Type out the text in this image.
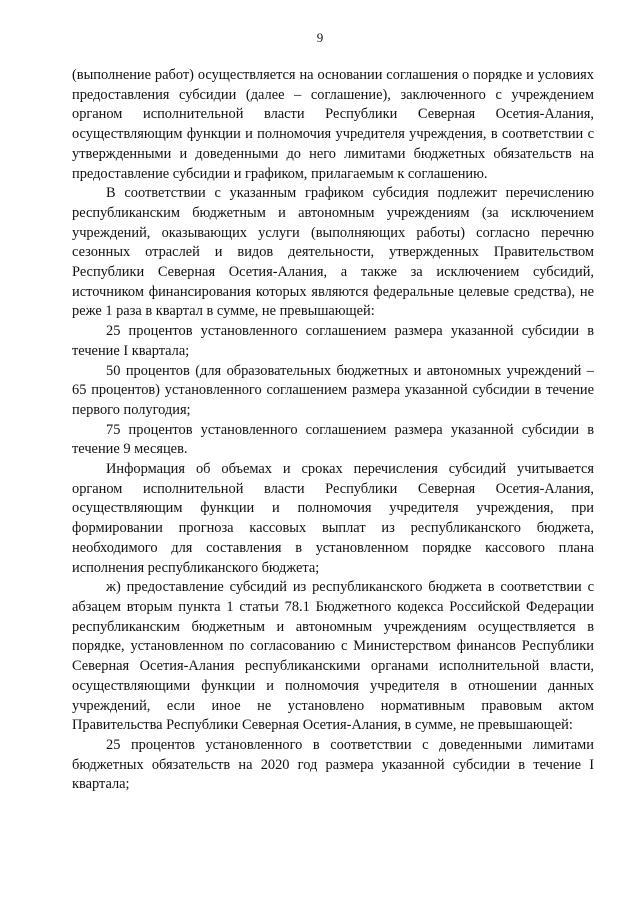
9

(выполнение работ) осуществляется на основании соглашения о порядке и условиях предоставления субсидии (далее – соглашение), заключенного с учреждением органом исполнительной власти Республики Северная Осетия-Алания, осуществляющим функции и полномочия учредителя учреждения, в соответствии с утвержденными и доведенными до него лимитами бюджетных обязательств на предоставление субсидии и графиком, прилагаемым к соглашению.

В соответствии с указанным графиком субсидия подлежит перечислению республиканским бюджетным и автономным учреждениям (за исключением учреждений, оказывающих услуги (выполняющих работы) согласно перечню сезонных отраслей и видов деятельности, утвержденных Правительством Республики Северная Осетия-Алания, а также за исключением субсидий, источником финансирования которых являются федеральные целевые средства), не реже 1 раза в квартал в сумме, не превышающей:

25 процентов установленного соглашением размера указанной субсидии в течение I квартала;

50 процентов (для образовательных бюджетных и автономных учреждений – 65 процентов) установленного соглашением размера указанной субсидии в течение первого полугодия;

75 процентов установленного соглашением размера указанной субсидии в течение 9 месяцев.

Информация об объемах и сроках перечисления субсидий учитывается органом исполнительной власти Республики Северная Осетия-Алания, осуществляющим функции и полномочия учредителя учреждения, при формировании прогноза кассовых выплат из республиканского бюджета, необходимого для составления в установленном порядке кассового плана исполнения республиканского бюджета;

ж) предоставление субсидий из республиканского бюджета в соответствии с абзацем вторым пункта 1 статьи 78.1 Бюджетного кодекса Российской Федерации республиканским бюджетным и автономным учреждениям осуществляется в порядке, установленном по согласованию с Министерством финансов Республики Северная Осетия-Алания республиканскими органами исполнительной власти, осуществляющими функции и полномочия учредителя в отношении данных учреждений, если иное не установлено нормативным правовым актом Правительства Республики Северная Осетия-Алания, в сумме, не превышающей:

25 процентов установленного в соответствии с доведенными лимитами бюджетных обязательств на 2020 год размера указанной субсидии в течение I квартала;
